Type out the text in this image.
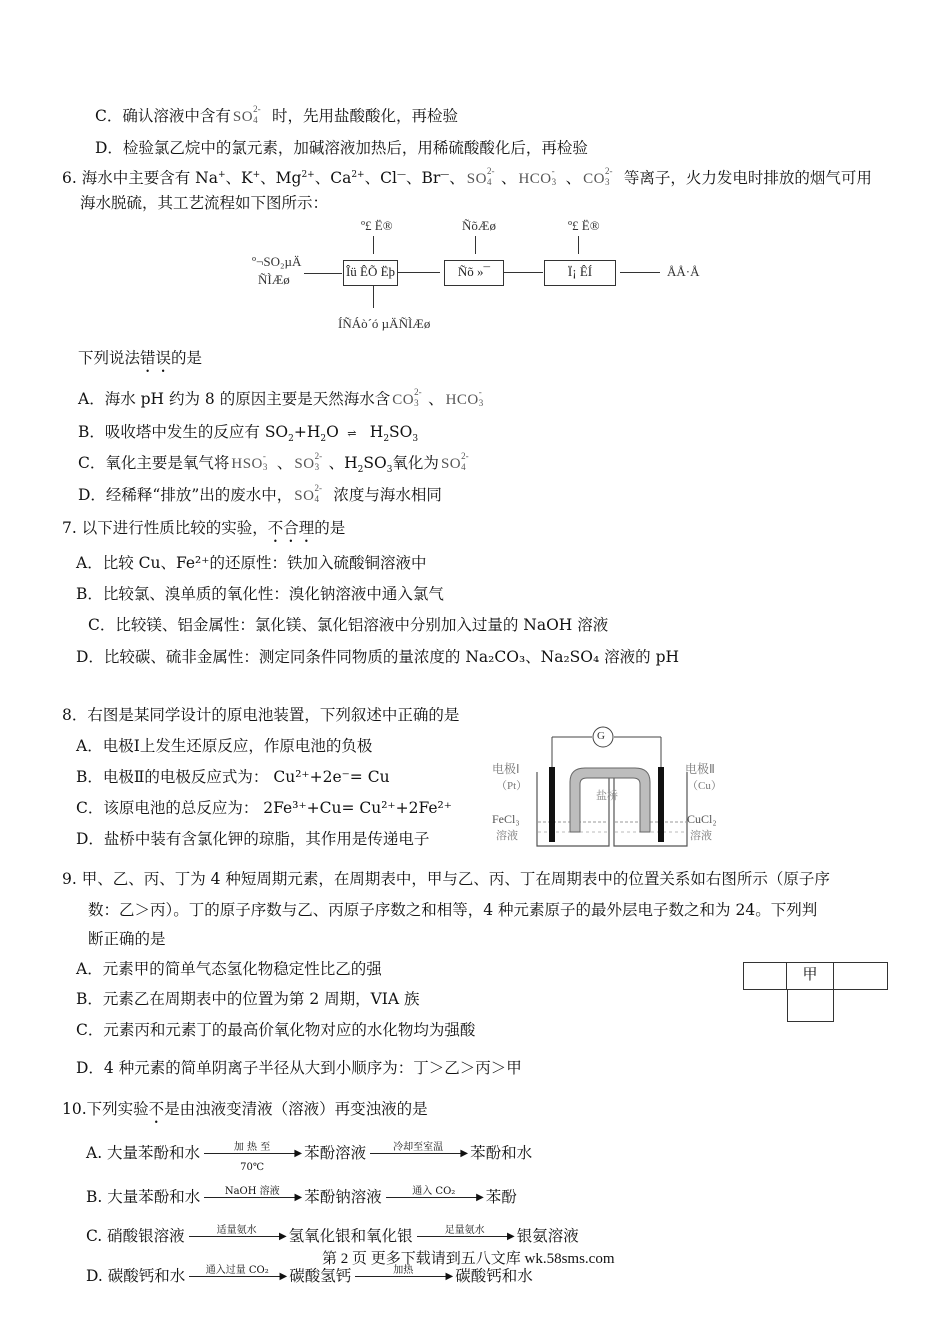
C．确认溶液中含有 SO 2-
4 时，先用盐酸酸化，再检验
D．检验氯乙烷中的氯元素，加碱溶液加热后，用稀硫酸酸化后，再检验
6. 海水中主要含有 Na+、K+、$Mg^{2+}$、$Ca^{2+}$、Cl—、Br—、 SO 2-
4 、 HCO -
3 、 CO 2-
3 等离子，火力发电时排放的烟气可用
海水脱硫，其工艺流程如下图所示：
º£ Ë®	ÑõÆø	º£ Ë®
º¬SO₂µÄ
ÑÌÆø
Îü ÊÕ Ëþ	Ñõ »¯	Ï¡ ÊÍ	ÅÅ·Å
ÍÑÁò´ó µÄÑÌÆø
下列说法错误的是
A．海水 pH 约为 8 的原因主要是天然海水含 CO 2-
3 、 HCO -
3
B．吸收塔中发生的反应有 $SO_2+H_2O$ ⇌ $H_2SO_3$
C．氧化主要是氧气将 HSO -
3 、 SO 2-
3 、$H_2SO_3$氧化为 SO 2-
4
D．经稀释“排放”出的废水中， SO 2-
4 浓度与海水相同
7. 以下进行性质比较的实验，不合理的是
A．比较 Cu、Fe²⁺的还原性：铁加入硫酸铜溶液中
B．比较氯、溴单质的氧化性：溴化钠溶液中通入氯气
C．比较镁、铝金属性：氯化镁、氯化铝溶液中分别加入过量的 NaOH 溶液
D．比较碳、硫非金属性：测定同条件同物质的量浓度的 Na₂CO₃、Na₂SO₄ 溶液的 pH
8．右图是某同学设计的原电池装置，下列叙述中正确的是
A．电极Ⅰ上发生还原反应，作原电池的负极
B．电极Ⅱ的电极反应式为： Cu²⁺+2e⁻= Cu
C．该原电池的总反应为： 2Fe³⁺+Cu= Cu²⁺+2Fe²⁺
D．盐桥中装有含氯化钾的琼脂，其作用是传递电子
G
电极Ⅰ
（Pt）
电极Ⅱ
（Cu）
盐桥
FeCl₃
溶液
CuCl₂
溶液
9. 甲、乙、丙、丁为 4 种短周期元素，在周期表中，甲与乙、丙、丁在周期表中的位置关系如右图所示（原子序
数：乙＞丙）。丁的原子序数与乙、丙原子序数之和相等，4 种元素原子的最外层电子数之和为 24。下列判
断正确的是
A．元素甲的简单气态氢化物稳定性比乙的强
B．元素乙在周期表中的位置为第 2 周期，VIA 族
C．元素丙和元素丁的最高价氧化物对应的水化物均为强酸
D．4 种元素的简单阴离子半径从大到小顺序为：丁＞乙＞丙＞甲
甲
10.下列实验不是由浊液变清液（溶液）再变浊液的是
A. 大量苯酚和水	加 热 至
▶
70℃
苯酚溶液	冷却至室温
▶ 苯酚和水
B. 大量苯酚和水	NaOH 溶液
▶ 苯酚钠溶液	通入 CO₂
▶ 苯酚
C. 硝酸银溶液	适量氨水
▶ 氢氧化银和氧化银	足量氨水
▶ 银氨溶液
第 2 页 更多下载请到五八文库 wk.58sms.com
D. 碳酸钙和水	通入过量 CO₂
▶ 碳酸氢钙	加热
▶ 碳酸钙和水
